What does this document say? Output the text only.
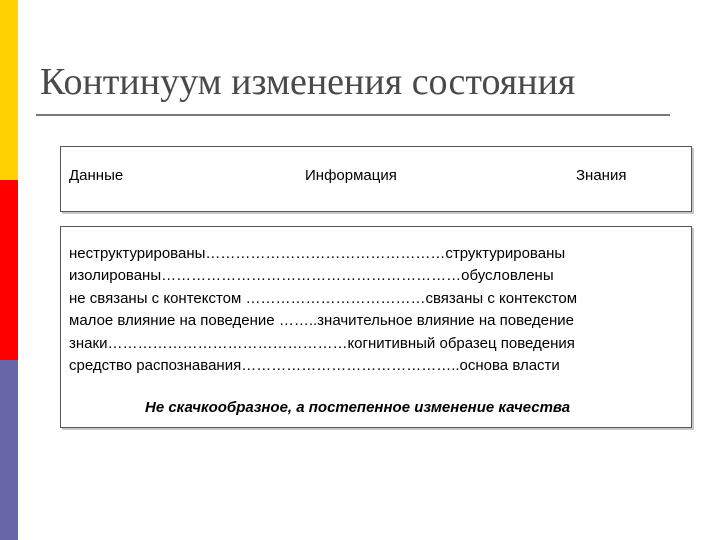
Континуум изменения состояния
Данные	Информация	Знания
неструктурированы…………………………………………структурированы
изолированы……………………………………………………обусловлены
не связаны с контекстом ………………………………связаны с контекстом
малое влияние на поведение ……..значительное влияние на поведение
знаки…………………………………………когнитивный образец поведения
средство распознавания……………………………………..основа власти
Не скачкообразное, а постепенное изменение качества
